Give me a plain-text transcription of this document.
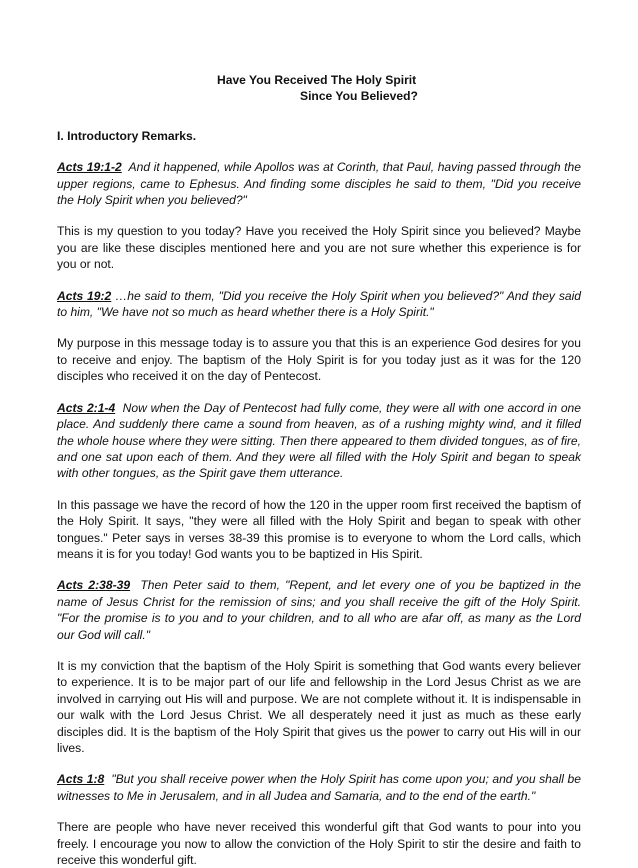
Have You Received The Holy Spirit
Since You Believed?
I. Introductory Remarks.

Acts 19:1-2 And it happened, while Apollos was at Corinth, that Paul, having passed through the upper regions, came to Ephesus. And finding some disciples he said to them, "Did you receive the Holy Spirit when you believed?"

This is my question to you today? Have you received the Holy Spirit since you believed? Maybe you are like these disciples mentioned here and you are not sure whether this experience is for you or not.

Acts 19:2 …he said to them, "Did you receive the Holy Spirit when you believed?" And they said to him, "We have not so much as heard whether there is a Holy Spirit."

My purpose in this message today is to assure you that this is an experience God desires for you to receive and enjoy. The baptism of the Holy Spirit is for you today just as it was for the 120 disciples who received it on the day of Pentecost.

Acts 2:1-4 Now when the Day of Pentecost had fully come, they were all with one accord in one place. And suddenly there came a sound from heaven, as of a rushing mighty wind, and it filled the whole house where they were sitting. Then there appeared to them divided tongues, as of fire, and one sat upon each of them. And they were all filled with the Holy Spirit and began to speak with other tongues, as the Spirit gave them utterance.

In this passage we have the record of how the 120 in the upper room first received the baptism of the Holy Spirit. It says, "they were all filled with the Holy Spirit and began to speak with other tongues." Peter says in verses 38-39 this promise is to everyone to whom the Lord calls, which means it is for you today! God wants you to be baptized in His Spirit.

Acts 2:38-39 Then Peter said to them, "Repent, and let every one of you be baptized in the name of Jesus Christ for the remission of sins; and you shall receive the gift of the Holy Spirit. "For the promise is to you and to your children, and to all who are afar off, as many as the Lord our God will call."

It is my conviction that the baptism of the Holy Spirit is something that God wants every believer to experience. It is to be major part of our life and fellowship in the Lord Jesus Christ as we are involved in carrying out His will and purpose. We are not complete without it. It is indispensable in our walk with the Lord Jesus Christ. We all desperately need it just as much as these early disciples did. It is the baptism of the Holy Spirit that gives us the power to carry out His will in our lives.

Acts 1:8 "But you shall receive power when the Holy Spirit has come upon you; and you shall be witnesses to Me in Jerusalem, and in all Judea and Samaria, and to the end of the earth."

There are people who have never received this wonderful gift that God wants to pour into you freely. I encourage you now to allow the conviction of the Holy Spirit to stir the desire and faith to receive this wonderful gift.
